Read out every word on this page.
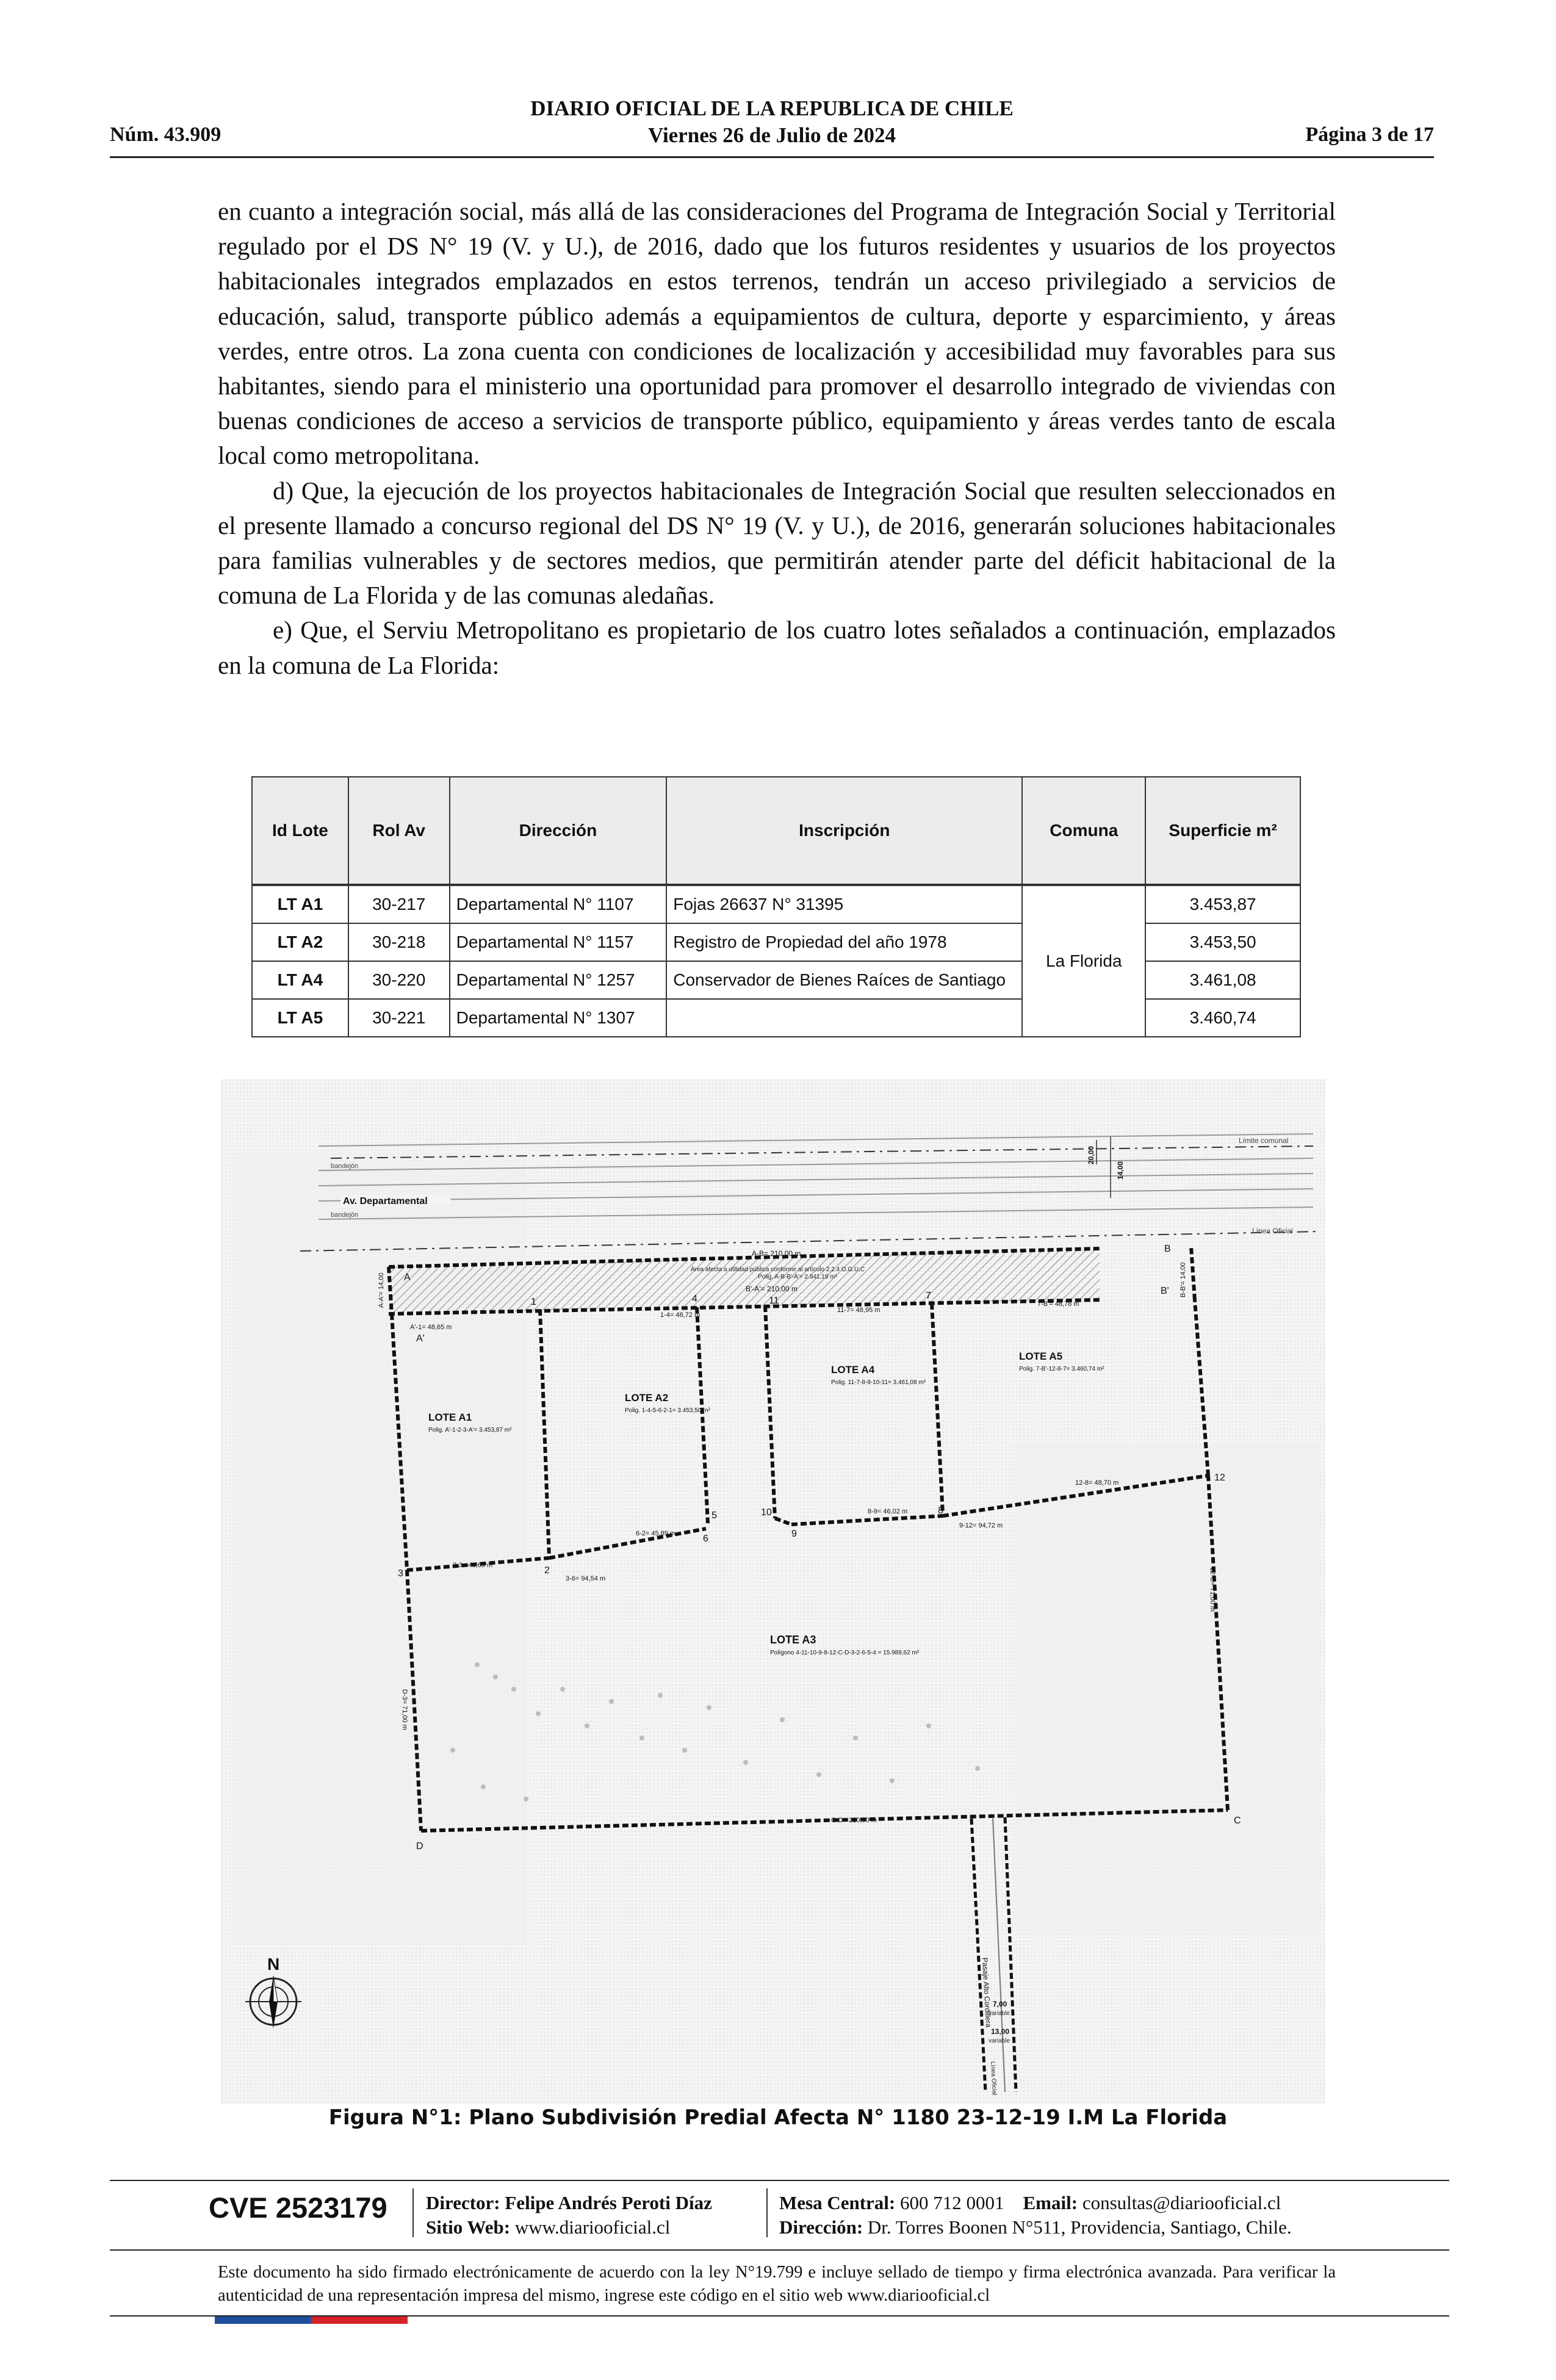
Núm. 43.909
DIARIO OFICIAL DE LA REPUBLICA DE CHILE
Viernes 26 de Julio de 2024	Página 3 de 17

en cuanto a integración social, más allá de las consideraciones del Programa de Integración Social y Territorial regulado por el DS N° 19 (V. y U.), de 2016, dado que los futuros residentes y usuarios de los proyectos habitacionales integrados emplazados en estos terrenos, tendrán un acceso privilegiado a servicios de educación, salud, transporte público además a equipamientos de cultura, deporte y esparcimiento, y áreas verdes, entre otros. La zona cuenta con condiciones de localización y accesibilidad muy favorables para sus habitantes, siendo para el ministerio una oportunidad para promover el desarrollo integrado de viviendas con buenas condiciones de acceso a servicios de transporte público, equipamiento y áreas verdes tanto de escala local como metropolitana.

d) Que, la ejecución de los proyectos habitacionales de Integración Social que resulten seleccionados en el presente llamado a concurso regional del DS N° 19 (V. y U.), de 2016, generarán soluciones habitacionales para familias vulnerables y de sectores medios, que permitirán atender parte del déficit habitacional de la comuna de La Florida y de las comunas aledañas.

e) Que, el Serviu Metropolitano es propietario de los cuatro lotes señalados a continuación, emplazados en la comuna de La Florida:

Id Lote	Rol Av	Dirección	Inscripción	Comuna	Superficie m²
LT A1	30-217	Departamental N° 1107	Fojas 26637 N° 31395	La Florida	3.453,87
LT A2	30-218	Departamental N° 1157	Registro de Propiedad del año 1978		3.453,50
LT A4	30-220	Departamental N° 1257	Conservador de Bienes Raíces de Santiago		3.461,08
LT A5	30-221	Departamental N° 1307			3.460,74
Límite comunal
Línea Oficial
bandejón
bandejón
Av. Departamental
A-B= 210,00 m
Área afecta a utilidad pública conforme al artículo 2.2.4 O.G.U.C
Polig. A-B-B'-A'= 2.941,19 m²
B'-A'= 210,00 m
20,00
14,00
Pasaje Alto Cordillera 7,00
variable
13,00
variable
Línea Oficial
LOTE A1
Polig. A'-1-2-3-A'= 3.453,87 m²
LOTE A2
Polig. 1-4-5-6-2-1= 3.453,50 m²
LOTE A4
Polig. 11-7-8-9-10-11= 3.461,08 m²
LOTE A5
Polig. 7-B'-12-8-7= 3.460,74 m²
LOTE A3
Polígono 4-11-10-9-8-12-C-D-3-2-6-5-4 = 15.989,62 m²
A'-1= 48,65 m
1-4= 48,72 m
11-7= 48,95 m
7-B'= 48,78 m
2-3= 48,65 m
3-6= 94,54 m
6-2= 45,89 m
8-9= 46,02 m
12-8= 48,70 m
9-12= 94,72 m
C-D= 210,00 m
D-3= 71,00 m
12-C= 71,00 m
A-A'= 14,00	B-B'= 14,00
A
A'
B
B'
C
D
1
2
3
4
5
6
7
8
9
10
11
12
N
Figura N°1: Plano Subdivisión Predial Afecta N° 1180 23-12-19 I.M La Florida
CVE 2523179 Director: Felipe Andrés Peroti Díaz
Sitio Web: www.diariooficial.cl
Mesa Central: 600 712 0001 Email: consultas@diariooficial.cl
Dirección: Dr. Torres Boonen N°511, Providencia, Santiago, Chile.
Este documento ha sido firmado electrónicamente de acuerdo con la ley N°19.799 e incluye sellado de tiempo y firma electrónica avanzada. Para verificar la autenticidad de una representación impresa del mismo, ingrese este código en el sitio web www.diariooficial.cl
